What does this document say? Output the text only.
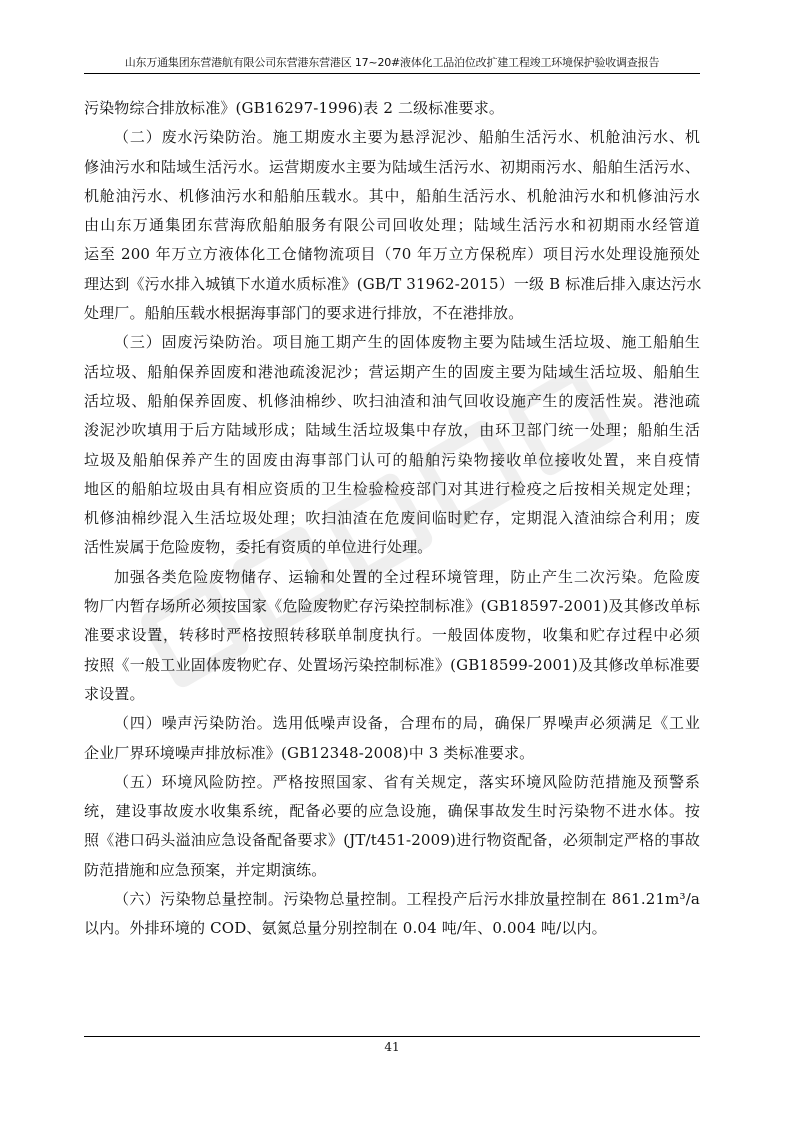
山东万通集团东营港航有限公司东营港东营港区 17~20#液体化工品泊位改扩建工程竣工环境保护验收调查报告
污染物综合排放标准》(GB16297-1996)表 2 二级标准要求。
（二）废水污染防治。施工期废水主要为悬浮泥沙、船舶生活污水、机舱油污水、机
修油污水和陆域生活污水。运营期废水主要为陆域生活污水、初期雨污水、船舶生活污水、
机舱油污水、机修油污水和船舶压载水。其中，船舶生活污水、机舱油污水和机修油污水
由山东万通集团东营海欣船舶服务有限公司回收处理；陆域生活污水和初期雨水经管道
运至 200 年万立方液体化工仓储物流项目（70 年万立方保税库）项目污水处理设施预处
理达到《污水排入城镇下水道水质标准》(GB/T 31962-2015）一级 B 标准后排入康达污水
处理厂。船舶压载水根据海事部门的要求进行排放，不在港排放。
（三）固废污染防治。项目施工期产生的固体废物主要为陆域生活垃圾、施工船舶生
活垃圾、船舶保养固废和港池疏浚泥沙；营运期产生的固废主要为陆域生活垃圾、船舶生
活垃圾、船舶保养固废、机修油棉纱、吹扫油渣和油气回收设施产生的废活性炭。港池疏
浚泥沙吹填用于后方陆域形成；陆域生活垃圾集中存放，由环卫部门统一处理；船舶生活
垃圾及船舶保养产生的固废由海事部门认可的船舶污染物接收单位接收处置，来自疫情
地区的船舶垃圾由具有相应资质的卫生检验检疫部门对其进行检疫之后按相关规定处理；
机修油棉纱混入生活垃圾处理；吹扫油渣在危废间临时贮存，定期混入渣油综合利用；废
活性炭属于危险废物，委托有资质的单位进行处理。
加强各类危险废物储存、运输和处置的全过程环境管理，防止产生二次污染。危险废
物厂内暂存场所必须按国家《危险废物贮存污染控制标准》(GB18597-2001)及其修改单标
准要求设置，转移时严格按照转移联单制度执行。一般固体废物，收集和贮存过程中必须
按照《一般工业固体废物贮存、处置场污染控制标准》(GB18599-2001)及其修改单标准要
求设置。
（四）噪声污染防治。选用低噪声设备，合理布的局，确保厂界噪声必须满足《工业
企业厂界环境噪声排放标准》(GB12348-2008)中 3 类标准要求。
（五）环境风险防控。严格按照国家、省有关规定，落实环境风险防范措施及预警系
统，建设事故废水收集系统，配备必要的应急设施，确保事故发生时污染物不进水体。按
照《港口码头溢油应急设备配备要求》(JT/t451-2009)进行物资配备，必须制定严格的事故
防范措施和应急预案，并定期演练。
（六）污染物总量控制。污染物总量控制。工程投产后污水排放量控制在 861.21m³/a
以内。外排环境的 COD、氨氮总量分别控制在 0.04 吨/年、0.004 吨/以内。
41
